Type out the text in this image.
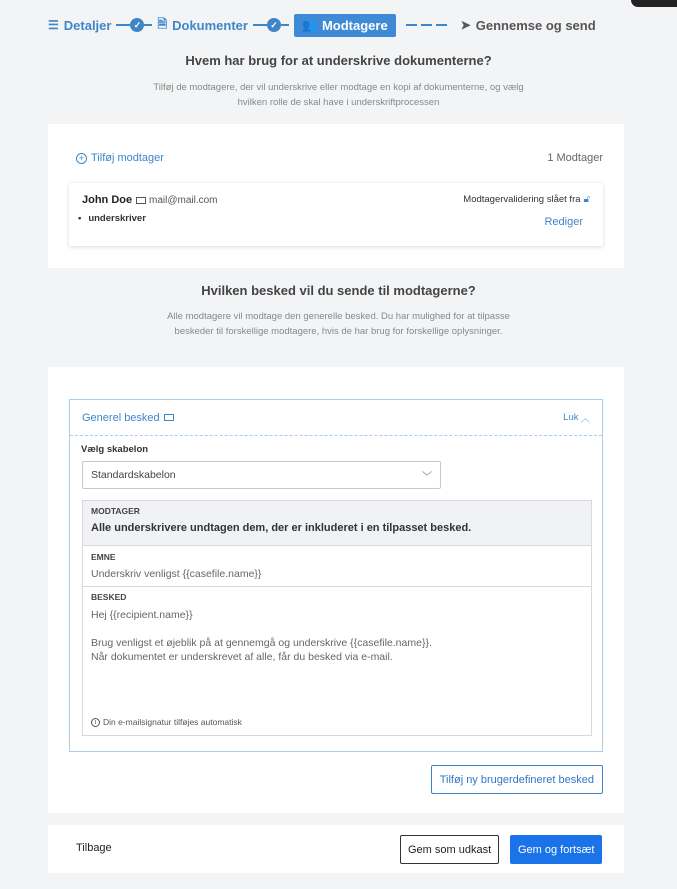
☰ Detaljer	✓ 🗎 Dokumenter	✓ 👥 Modtagere	➤ Gennemse og send
Hvem har brug for at underskrive dokumenterne?
Tilføj de modtagere, der vil underskrive eller modtage en kopi af dokumenterne, og vælg hvilken rolle de skal have i underskriftprocessen
+ Tilføj modtager	1 Modtager
John Doe mail@mail.com
• underskriver
Modtagervalidering slået fra 🔓︎
Rediger
Hvilken besked vil du sende til modtagerne?
Alle modtagere vil modtage den generelle besked. Du har mulighed for at tilpasse beskeder til forskellige modtagere, hvis de har brug for forskellige oplysninger.
Generel besked	Luk ︿
Vælg skabelon
Standardskabelon	﹀
MODTAGER
Alle underskrivere undtagen dem, der er inkluderet i en tilpasset besked.
EMNE
Underskriv venligst {{casefile.name}}
BESKED
Hej {{recipient.name}}
Brug venligst et øjeblik på at gennemgå og underskrive {{casefile.name}}.
Når dokumentet er underskrevet af alle, får du besked via e-mail.
i Din e-mailsignatur tilføjes automatisk
Tilføj ny brugerdefineret besked
Tilbage	Gem som udkast	Gem og fortsæt
